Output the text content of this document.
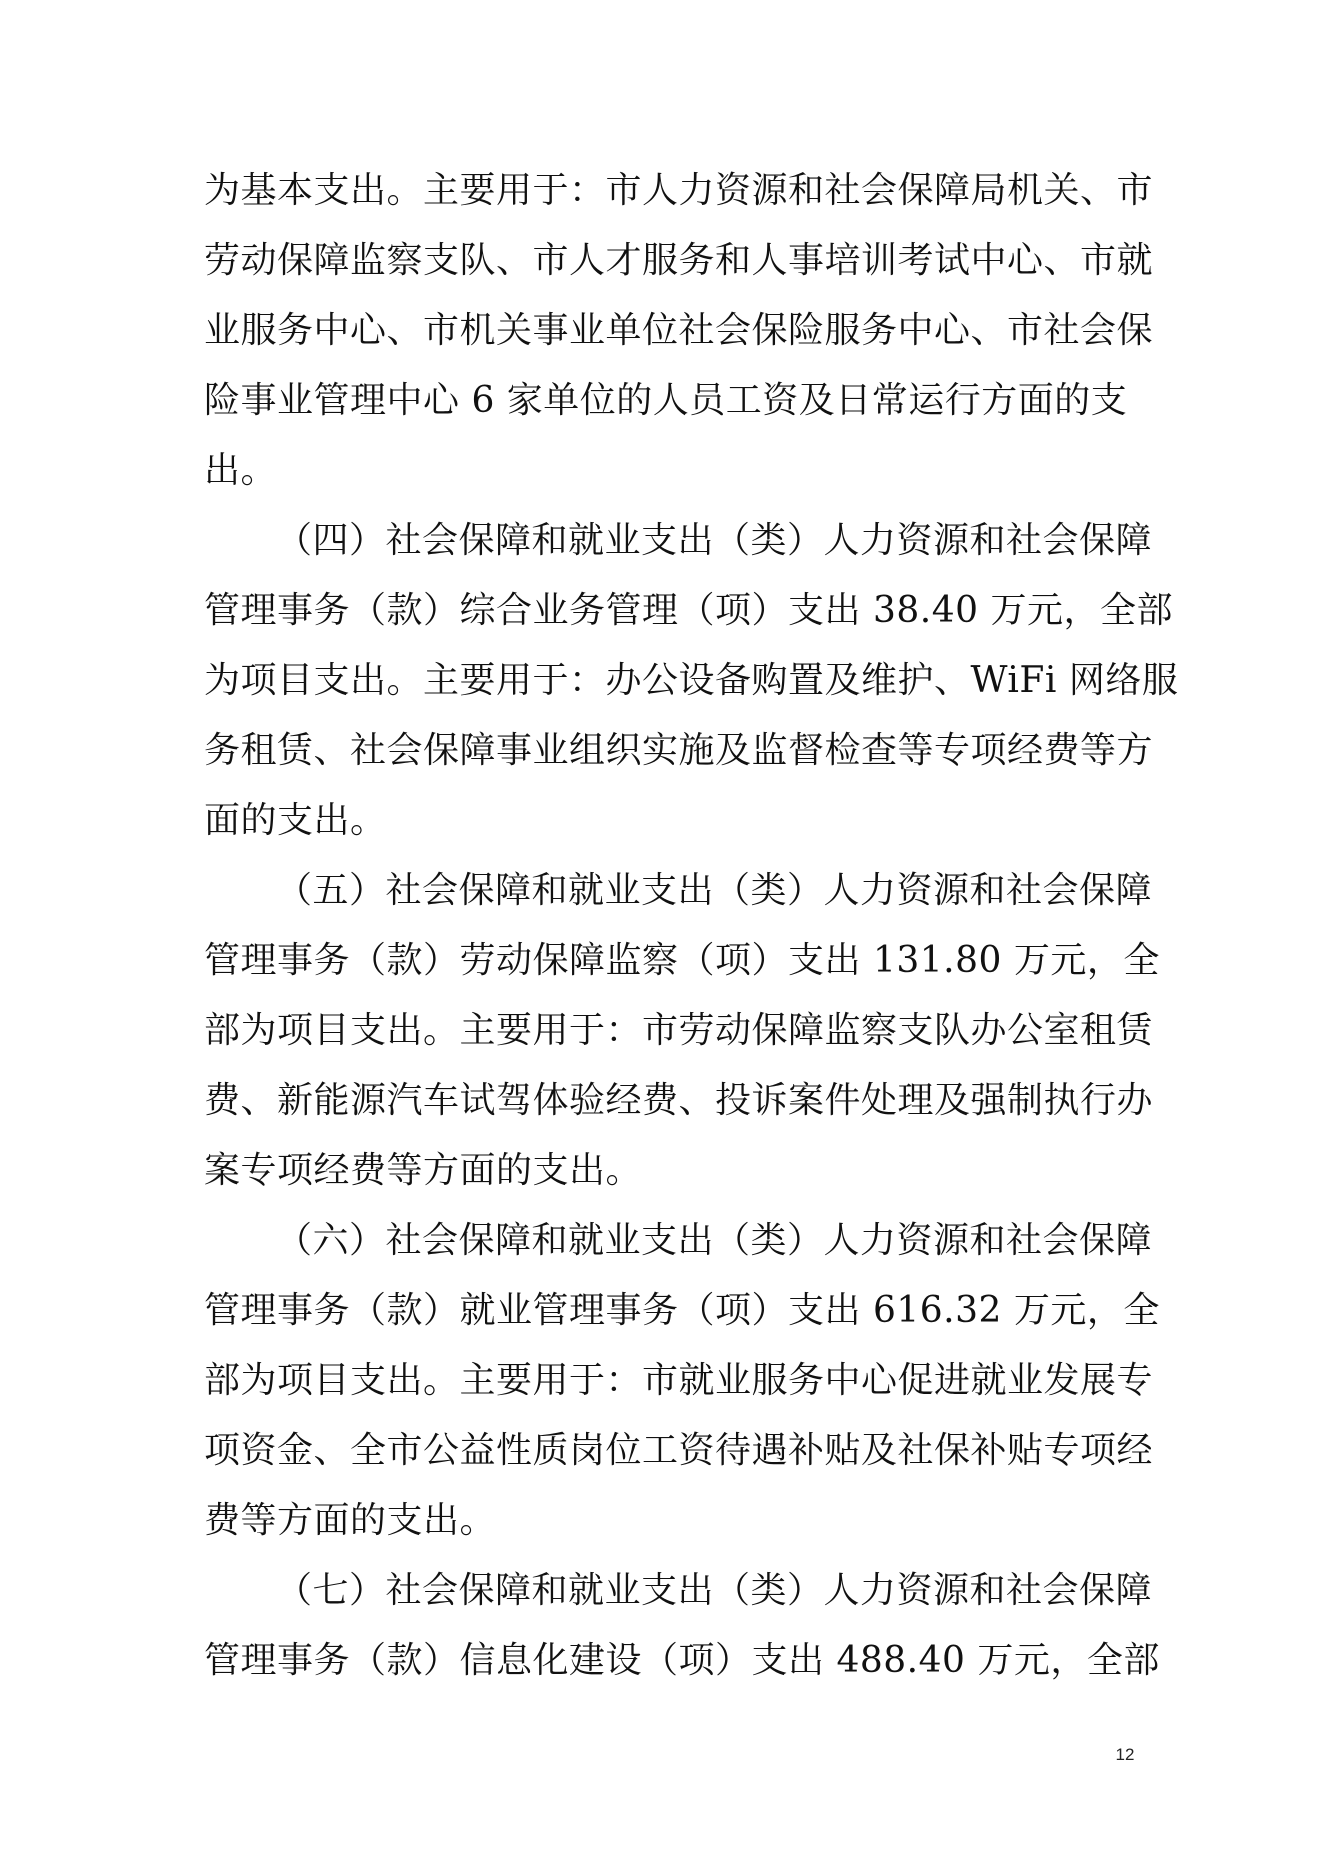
为基本支出。主要用于：市人力资源和社会保障局机关、市
劳动保障监察支队、市人才服务和人事培训考试中心、市就
业服务中心、市机关事业单位社会保险服务中心、市社会保
险事业管理中心 6 家单位的人员工资及日常运行方面的支
出。
（四）社会保障和就业支出（类）人力资源和社会保障
管理事务（款）综合业务管理（项）支出 38.40 万元，全部
为项目支出。主要用于：办公设备购置及维护、WiFi 网络服
务租赁、社会保障事业组织实施及监督检查等专项经费等方
面的支出。
（五）社会保障和就业支出（类）人力资源和社会保障
管理事务（款）劳动保障监察（项）支出 131.80 万元，全
部为项目支出。主要用于：市劳动保障监察支队办公室租赁
费、新能源汽车试驾体验经费、投诉案件处理及强制执行办
案专项经费等方面的支出。
（六）社会保障和就业支出（类）人力资源和社会保障
管理事务（款）就业管理事务（项）支出 616.32 万元，全
部为项目支出。主要用于：市就业服务中心促进就业发展专
项资金、全市公益性质岗位工资待遇补贴及社保补贴专项经
费等方面的支出。
（七）社会保障和就业支出（类）人力资源和社会保障
管理事务（款）信息化建设（项）支出 488.40 万元，全部
12
